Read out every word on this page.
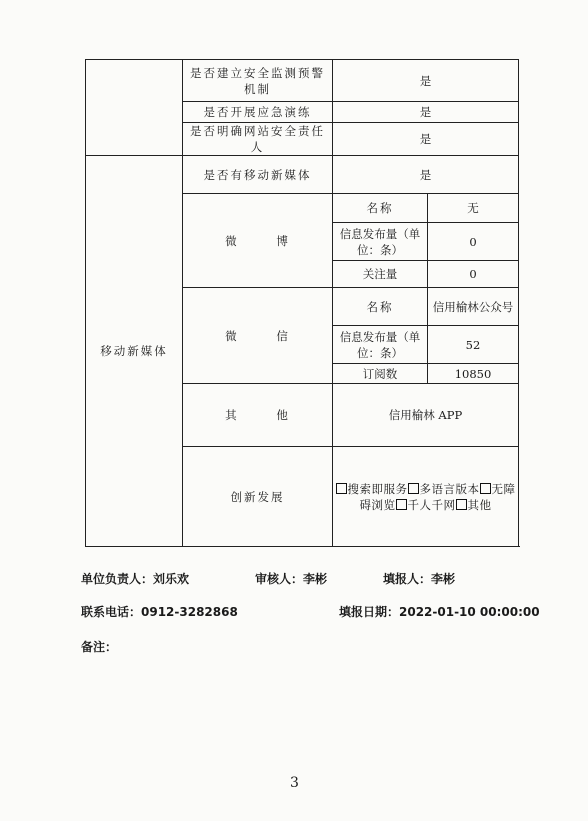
	是否建立安全监测预警机制	是	
	是否开展应急演练	是	
	是否明确网站安全责任人	是	
移动新媒体	是否有移动新媒体	是	
	微 博	名称	无
		信息发布量（单位：条）	0
		关注量	0
	微 信	名称	信用榆林公众号
		信息发布量（单位：条）	52
		订阅数	10850
	其 他	信用榆林 APP	
	创新发展	搜索即服务 多语言版本 无障碍浏览 千人千网 其他	
单位负责人：刘乐欢	审核人：李彬	填报人：李彬
联系电话：0912-3282868	填报日期：2022-01-10 00:00:00
备注：
3
